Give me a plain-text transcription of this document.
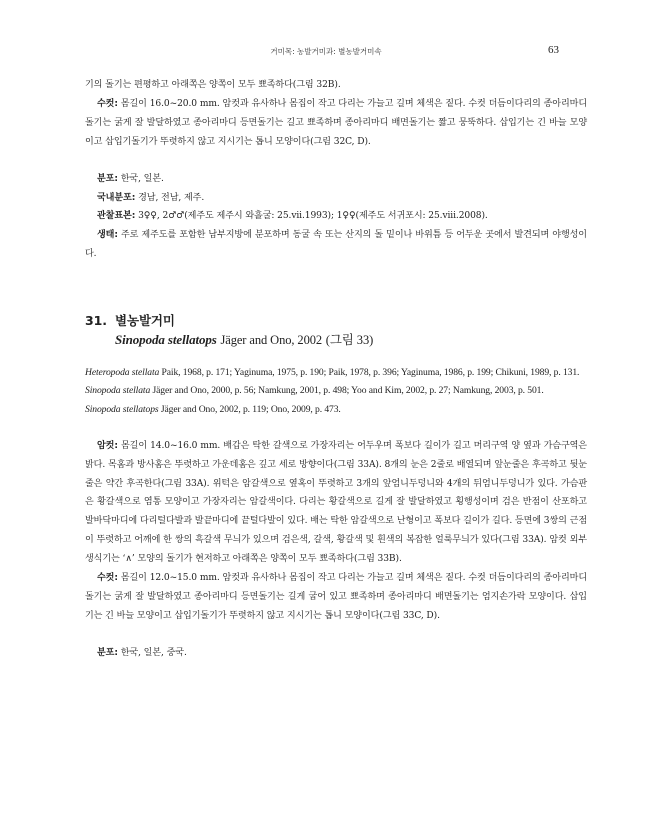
거미목: 농발거미과: 별농발거미속	63

기의 돌기는 편평하고 아래쪽은 양쪽이 모두 뾰족하다(그림 32B).

수컷: 몸길이 16.0~20.0 mm. 암컷과 유사하나 몸집이 작고 다리는 가늘고 길며 체색은 짙다. 수컷 더듬이다리의 종아리마디돌기는 굵게 잘 발달하였고 종아리마디 등면돌기는 길고 뾰족하며 종아리마디 배면돌기는 짧고 뭉뚝하다. 삽입기는 긴 바늘 모양이고 삽입기돌기가 뚜렷하지 않고 지시기는 톱니 모양이다(그림 32C, D).

분포: 한국, 일본.

국내분포: 경남, 전남, 제주.

관찰표본: 3♀♀, 2♂♂(제주도 제주시 와흘굴: 25.vii.1993); 1♀♀(제주도 서귀포시: 25.viii.2008).

생태: 주로 제주도를 포함한 남부지방에 분포하며 동굴 속 또는 산지의 돌 밑이나 바위틈 등 어두운 곳에서 발견되며 야행성이다.

31. 별농발거미
Sinopoda stellatops Jäger and Ono, 2002 (그림 33)

Heteropoda stellata Paik, 1968, p. 171; Yaginuma, 1975, p. 190; Paik, 1978, p. 396; Yaginuma, 1986, p. 199; Chikuni, 1989, p. 131.

Sinopoda stellata Jäger and Ono, 2000, p. 56; Namkung, 2001, p. 498; Yoo and Kim, 2002, p. 27; Namkung, 2003, p. 501.

Sinopoda stellatops Jäger and Ono, 2002, p. 119; Ono, 2009, p. 473.

암컷: 몸길이 14.0~16.0 mm. 배갑은 탁한 갈색으로 가장자리는 어두우며 폭보다 길이가 길고 머리구역 양 옆과 가슴구역은 밝다. 목홈과 방사홈은 뚜렷하고 가운데홈은 깊고 세로 방향이다(그림 33A). 8개의 눈은 2줄로 배열되며 앞눈줄은 후곡하고 뒷눈줄은 약간 후곡한다(그림 33A). 위턱은 암갈색으로 옆혹이 뚜렷하고 3개의 앞엄니두덩니와 4개의 뒤엄니두덩니가 있다. 가슴판은 황갈색으로 염통 모양이고 가장자리는 암갈색이다. 다리는 황갈색으로 길게 잘 발달하였고 횡행성이며 검은 반점이 산포하고 발바닥마디에 다리털다발과 발끝마디에 끝털다발이 있다. 배는 탁한 암갈색으로 난형이고 폭보다 길이가 길다. 등면에 3쌍의 근점이 뚜렷하고 어깨에 한 쌍의 흑갈색 무늬가 있으며 검은색, 갈색, 황갈색 및 흰색의 복잡한 얼룩무늬가 있다(그림 33A). 암컷 외부생식기는 ‘∧’ 모양의 돌기가 현저하고 아래쪽은 양쪽이 모두 뾰족하다(그림 33B).

수컷: 몸길이 12.0~15.0 mm. 암컷과 유사하나 몸집이 작고 다리는 가늘고 길며 체색은 짙다. 수컷 더듬이다리의 종아리마디돌기는 굵게 잘 발달하였고 종아리마디 등면돌기는 길게 굽어 있고 뾰족하며 종아리마디 배면돌기는 엄지손가락 모양이다. 삽입기는 긴 바늘 모양이고 삽입기돌기가 뚜렷하지 않고 지시기는 톱니 모양이다(그림 33C, D).

분포: 한국, 일본, 중국.
